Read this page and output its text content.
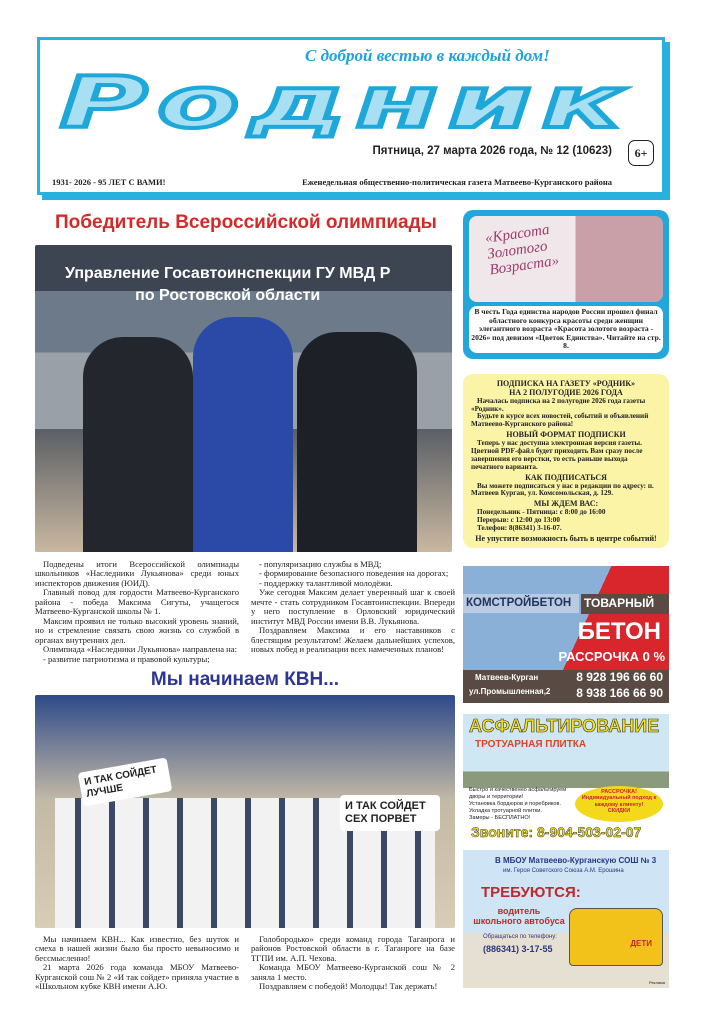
С доброй вестью в каждый дом!
Родник
Пятница, 27 марта 2026 года, № 12 (10623)	6+
1931- 2026 - 95 ЛЕТ С ВАМИ!	Еженедельная общественно-политическая газета Матвеево-Курганского района
Победитель Всероссийской олимпиады
Управление Госавтоинспекции ГУ МВД Р
по Ростовской области

Подведены итоги Всероссийской олимпиады школьников «Наследники Лукьянова» среди юных инспекторов движения (ЮИД).

Главный повод для гордости Матвеево-Курганского района - победа Максима Сигуты, учащегося Матвеево-Курганской школы № 1.

Максим проявил не только высокий уровень знаний, но и стремление связать свою жизнь со службой в органах внутренних дел.

Олимпиада «Наследники Лукьянова» направлена на:

- развитие патриотизма и правовой культуры;

- популяризацию службы в МВД;

- формирование безопасного поведения на дорогах;

- поддержку талантливой молодёжи.

Уже сегодня Максим делает уверенный шаг к своей мечте - стать сотрудником Госавтоинспекции. Впереди у него поступление в Орловский юридический институт МВД России имени В.В. Лукьянова.

Поздравляем Максима и его наставников с блестящим результатом! Желаем дальнейших успехов, новых побед и реализации всех намеченных планов!

Мы начинаем КВН...
И ТАК СОЙДЕТ ЛУЧШЕ
И ТАК СОЙДЕТ СЕХ ПОРВЕТ

Мы начинаем КВН... Как известно, без шуток и смеха в нашей жизни было бы просто невыносимо и бессмысленно!

21 марта 2026 года команда МБОУ Матвеево-Курганской сош № 2 «И так сойдет» приняла участие в «Школьном кубке КВН имени А.Ю.

Голобородько» среди команд города Таганрога и районов Ростовской области в г. Таганроге на базе ТГПИ им. А.П. Чехова.

Команда МБОУ Матвеево-Курганской сош № 2 заняла 1 место.

Поздравляем с победой! Молодцы! Так держать!

«Красота Золотого Возраста»
В честь Года единства народов России прошел финал областного конкурса красоты среди женщин элегантного возраста «Красота золотого возраста - 2026» под девизом «Цветок Единства». Читайте на стр. 8.
ПОДПИСКА НА ГАЗЕТУ «РОДНИК»
НА 2 ПОЛУГОДИЕ 2026 ГОДА

Началась подписка на 2 полугодие 2026 года газеты «Родник».

Будьте в курсе всех новостей, событий и объявлений Матвеево-Курганского района!

НОВЫЙ ФОРМАТ ПОДПИСКИ

Теперь у нас доступна электронная версия газеты. Цветной PDF-файл будет приходить Вам сразу после завершения его верстки, то есть раньше выхода печатного варианта.

КАК ПОДПИСАТЬСЯ

Вы можете подписаться у нас в редакции по адресу: п. Матвеев Курган, ул. Комсомольская, д. 129.

МЫ ЖДЕМ ВАС:

Понедельник - Пятница: с 8:00 до 16:00

Перерыв: с 12:00 до 13:00

Телефон: 8(86341) 3-16-07.

Не упустите возможность быть в центре событий!
КОМСТРОЙБЕТОН	ТОВАРНЫЙ
БЕТОН
РАССРОЧКА 0 %
Матвеев-Курган
ул.Промышленная,2
8 928 196 66 60
8 938 166 66 90
АСФАЛЬТИРОВАНИЕ
ТРОТУАРНАЯ ПЛИТКА
Быстро и качественно асфальтируем дворы и территории!
Установка бордюров и поребриков.
Укладка тротуарной плитки.
Замеры - БЕСПЛАТНО!
РАССРОЧКА!
Индивидуальный подход к каждому клиенту!
СКИДКИ
Звоните: 8-904-503-02-07
В МБОУ Матвеево-Курганскую СОШ № 3
им. Героя Советского Союза А.М. Ерошина
ТРЕБУЮТСЯ:
водитель школьного автобуса
Обращаться по телефону:
(886341) 3-17-55
ДЕТИ
Реклама
